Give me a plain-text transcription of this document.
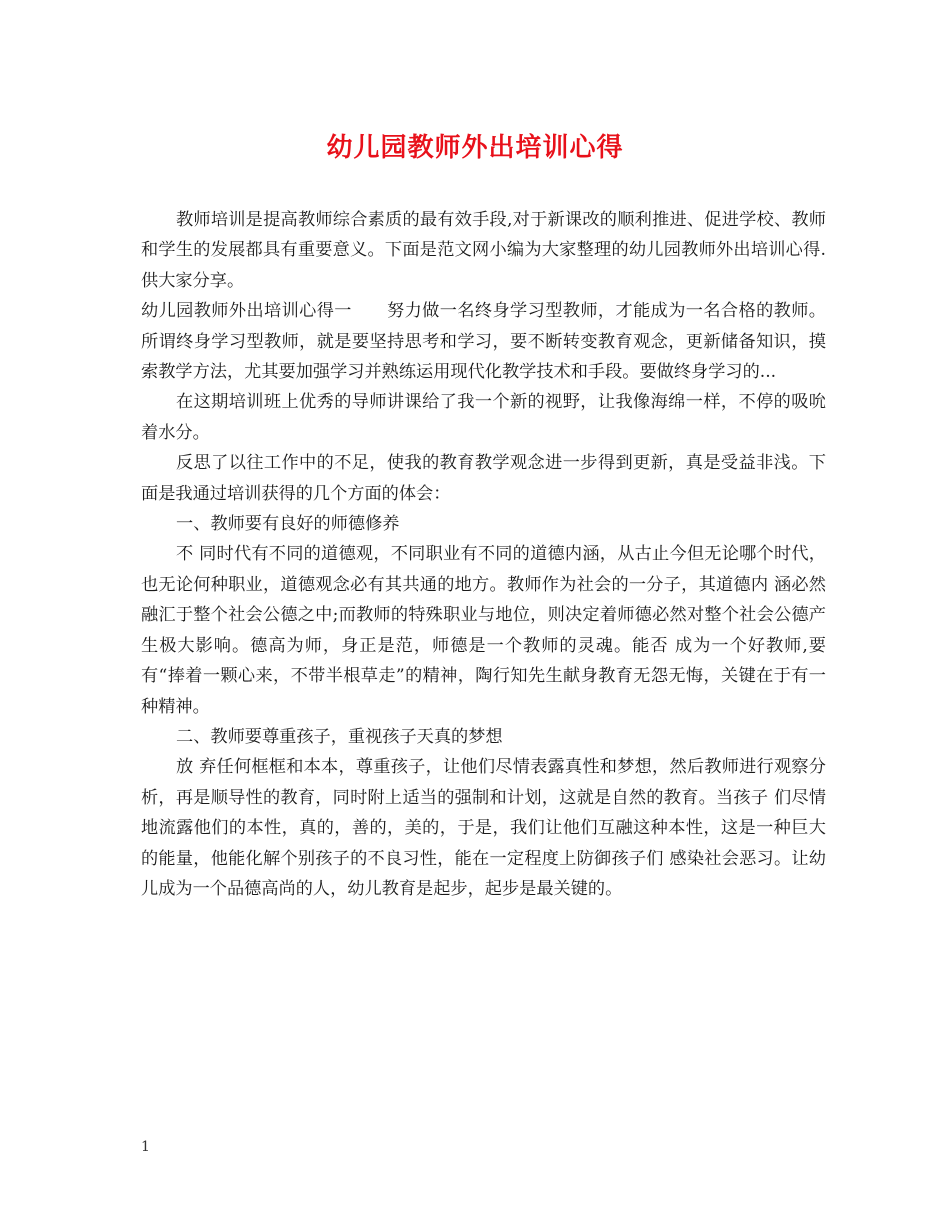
幼儿园教师外出培训心得

教师培训是提高教师综合素质的最有效手段,对于新课改的顺利推进、促进学校、教师和学生的发展都具有重要意义。下面是范文网小编为大家整理的幼儿园教师外出培训心得.供大家分享。

幼儿园教师外出培训心得一　　努力做一名终身学习型教师，才能成为一名合格的教师。所谓终身学习型教师，就是要坚持思考和学习，要不断转变教育观念，更新储备知识，摸索教学方法，尤其要加强学习并熟练运用现代化教学技术和手段。要做终身学习的...

在这期培训班上优秀的导师讲课给了我一个新的视野，让我像海绵一样，不停的吸吮着水分。

反思了以往工作中的不足，使我的教育教学观念进一步得到更新，真是受益非浅。下面是我通过培训获得的几个方面的体会：

一、教师要有良好的师德修养

不 同时代有不同的道德观，不同职业有不同的道德内涵，从古止今但无论哪个时代，也无论何种职业，道德观念必有其共通的地方。教师作为社会的一分子，其道德内 涵必然融汇于整个社会公德之中;而教师的特殊职业与地位，则决定着师德必然对整个社会公德产生极大影响。德高为师，身正是范，师德是一个教师的灵魂。能否 成为一个好教师,要有“捧着一颗心来，不带半根草走”的精神，陶行知先生献身教育无怨无悔，关键在于有一种精神。

二、教师要尊重孩子，重视孩子天真的梦想

放 弃任何框框和本本，尊重孩子，让他们尽情表露真性和梦想，然后教师进行观察分析，再是顺导性的教育，同时附上适当的强制和计划，这就是自然的教育。当孩子 们尽情地流露他们的本性，真的，善的，美的，于是，我们让他们互融这种本性，这是一种巨大的能量，他能化解个别孩子的不良习性，能在一定程度上防御孩子们 感染社会恶习。让幼儿成为一个品德高尚的人，幼儿教育是起步，起步是最关键的。

1
